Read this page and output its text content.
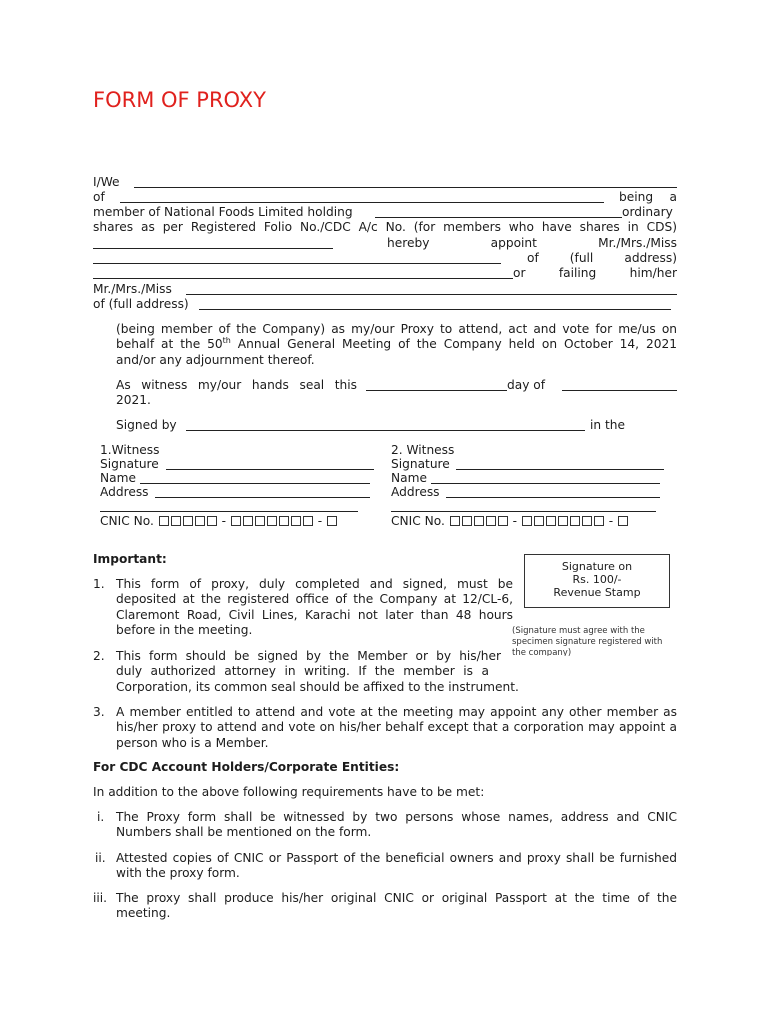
FORM OF PROXY
I/We
of	being a
member of National Foods Limited holding	ordinary
shares as per Registered Folio No./CDC A/c No. (for members who have shares in CDS)
hereby appoint Mr./Mrs./Miss
of (full address)
or failing him/her
Mr./Mrs./Miss
of (full address)
(being member of the Company) as my/our Proxy to attend, act and vote for me/us on behalf at the 50th Annual General Meeting of the Company held on October 14, 2021 and/or any adjournment thereof.
As witness my/our hands seal this	day of
2021.
Signed by	in the
1.Witness
Signature
Name
Address
CNIC No.	-	-
2. Witness
Signature
Name
Address
CNIC No.	-	-
Signature on
Rs. 100/-
Revenue Stamp
(Signature must agree with the specimen signature registered with the company)
Important:
1. This form of proxy, duly completed and signed, must be deposited at the registered office of the Company at 12/CL-6, Claremont Road, Civil Lines, Karachi not later than 48 hours before in the meeting.
2. This form should be signed by the Member or by his/her
duly authorized attorney in writing. If the member is a
Corporation, its common seal should be affixed to the instrument.
3. A member entitled to attend and vote at the meeting may appoint any other member as his/her proxy to attend and vote on his/her behalf except that a corporation may appoint a person who is a Member.
For CDC Account Holders/Corporate Entities:
In addition to the above following requirements have to be met:
i. The Proxy form shall be witnessed by two persons whose names, address and CNIC Numbers shall be mentioned on the form.
ii. Attested copies of CNIC or Passport of the beneficial owners and proxy shall be furnished with the proxy form.
iii. The proxy shall produce his/her original CNIC or original Passport at the time of the meeting.
